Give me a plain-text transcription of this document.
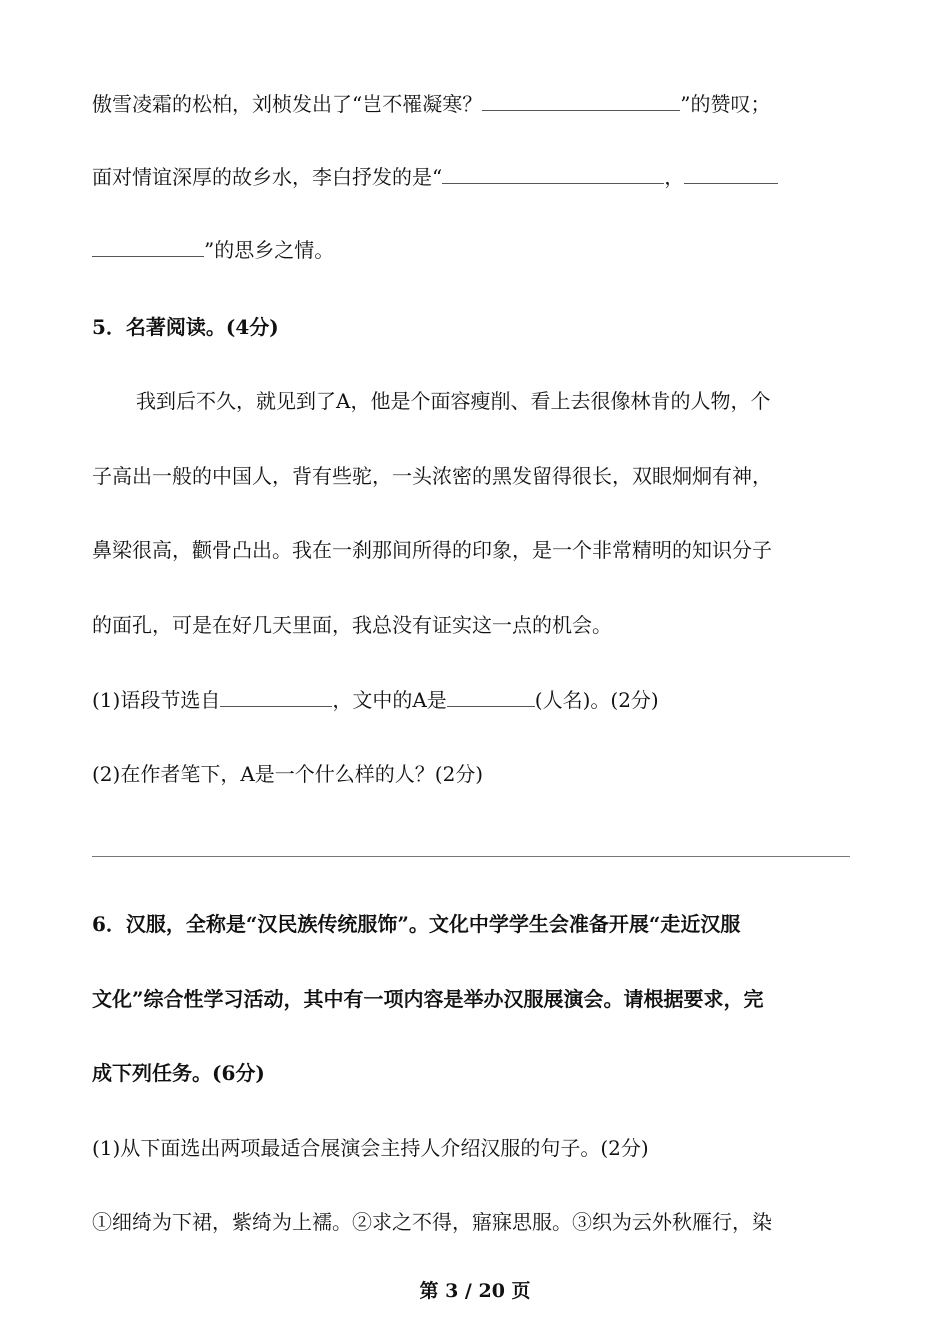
傲雪凌霜的松柏，刘桢发出了“岂不罹凝寒？	”的赞叹；
面对情谊深厚的故乡水，李白抒发的是“	，
”的思乡之情。
5．名著阅读。(4分)
我到后不久，就见到了A，他是个面容瘦削、看上去很像林肯的人物，个
子高出一般的中国人，背有些驼，一头浓密的黑发留得很长，双眼炯炯有神，
鼻梁很高，颧骨凸出。我在一刹那间所得的印象，是一个非常精明的知识分子
的面孔，可是在好几天里面，我总没有证实这一点的机会。
(1)语段节选自	，文中的A是	(人名)。(2分)
(2)在作者笔下，A是一个什么样的人？(2分)
6．汉服，全称是“汉民族传统服饰”。文化中学学生会准备开展“走近汉服
文化”综合性学习活动，其中有一项内容是举办汉服展演会。请根据要求，完
成下列任务。(6分)
(1)从下面选出两项最适合展演会主持人介绍汉服的句子。(2分)
①细绮为下裙，紫绮为上襦。②求之不得，寤寐思服。③织为云外秋雁行，染
第 3 / 20 页
